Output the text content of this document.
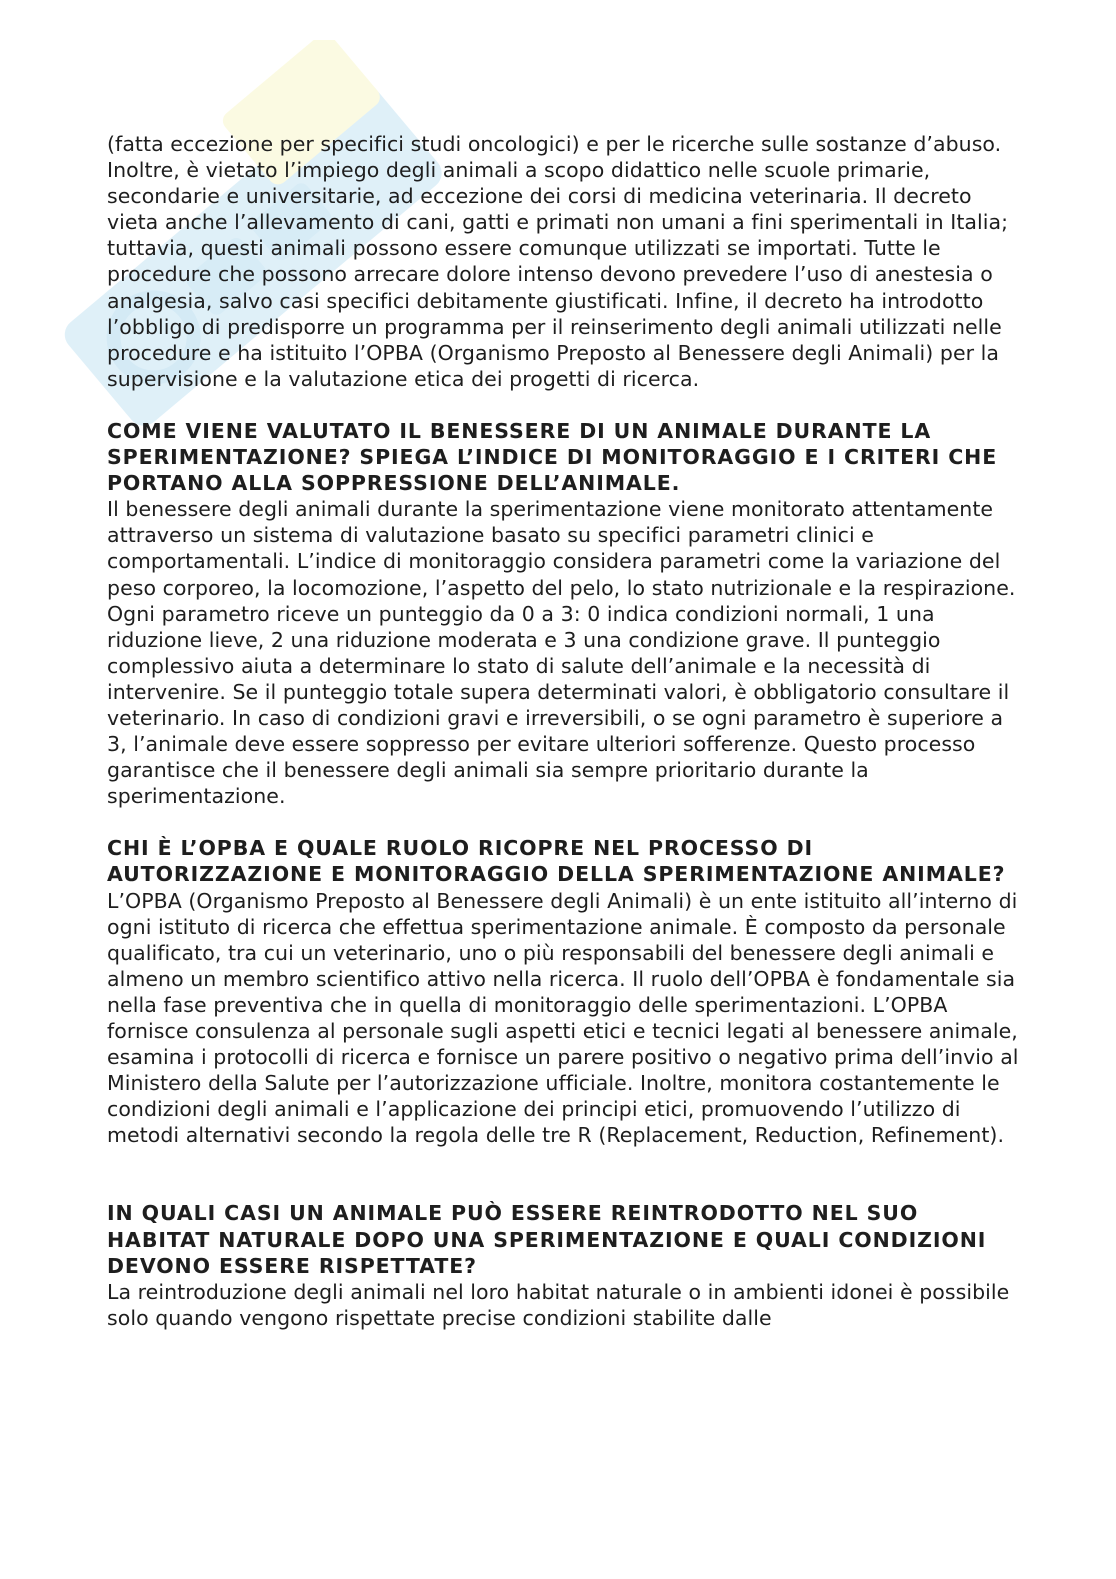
(fatta eccezione per specifici studi oncologici) e per le ricerche sulle sostanze d’abuso. Inoltre, è vietato l’impiego degli animali a scopo didattico nelle scuole primarie, secondarie e universitarie, ad eccezione dei corsi di medicina veterinaria. Il decreto vieta anche l’allevamento di cani, gatti e primati non umani a fini sperimentali in Italia; tuttavia, questi animali possono essere comunque utilizzati se importati. Tutte le procedure che possono arrecare dolore intenso devono prevedere l’uso di anestesia o analgesia, salvo casi specifici debitamente giustificati. Infine, il decreto ha introdotto l’obbligo di predisporre un programma per il reinserimento degli animali utilizzati nelle procedure e ha istituito l’OPBA (Organismo Preposto al Benessere degli Animali) per la supervisione e la valutazione etica dei progetti di ricerca.

COME VIENE VALUTATO IL BENESSERE DI UN ANIMALE DURANTE LA SPERIMENTAZIONE? SPIEGA L’INDICE DI MONITORAGGIO E I CRITERI CHE PORTANO ALLA SOPPRESSIONE DELL’ANIMALE.

Il benessere degli animali durante la sperimentazione viene monitorato attentamente attraverso un sistema di valutazione basato su specifici parametri clinici e comportamentali. L’indice di monitoraggio considera parametri come la variazione del peso corporeo, la locomozione, l’aspetto del pelo, lo stato nutrizionale e la respirazione. Ogni parametro riceve un punteggio da 0 a 3: 0 indica condizioni normali, 1 una riduzione lieve, 2 una riduzione moderata e 3 una condizione grave. Il punteggio complessivo aiuta a determinare lo stato di salute dell’animale e la necessità di intervenire. Se il punteggio totale supera determinati valori, è obbligatorio consultare il veterinario. In caso di condizioni gravi e irreversibili, o se ogni parametro è superiore a 3, l’animale deve essere soppresso per evitare ulteriori sofferenze. Questo processo garantisce che il benessere degli animali sia sempre prioritario durante la sperimentazione.

CHI È L’OPBA E QUALE RUOLO RICOPRE NEL PROCESSO DI AUTORIZZAZIONE E MONITORAGGIO DELLA SPERIMENTAZIONE ANIMALE?

L’OPBA (Organismo Preposto al Benessere degli Animali) è un ente istituito all’interno di ogni istituto di ricerca che effettua sperimentazione animale. È composto da personale qualificato, tra cui un veterinario, uno o più responsabili del benessere degli animali e almeno un membro scientifico attivo nella ricerca. Il ruolo dell’OPBA è fondamentale sia nella fase preventiva che in quella di monitoraggio delle sperimentazioni. L’OPBA fornisce consulenza al personale sugli aspetti etici e tecnici legati al benessere animale, esamina i protocolli di ricerca e fornisce un parere positivo o negativo prima dell’invio al Ministero della Salute per l’autorizzazione ufficiale. Inoltre, monitora costantemente le condizioni degli animali e l’applicazione dei principi etici, promuovendo l’utilizzo di metodi alternativi secondo la regola delle tre R (Replacement, Reduction, Refinement).

IN QUALI CASI UN ANIMALE PUÒ ESSERE REINTRODOTTO NEL SUO HABITAT NATURALE DOPO UNA SPERIMENTAZIONE E QUALI CONDIZIONI DEVONO ESSERE RISPETTATE?

La reintroduzione degli animali nel loro habitat naturale o in ambienti idonei è possibile solo quando vengono rispettate precise condizioni stabilite dalle
